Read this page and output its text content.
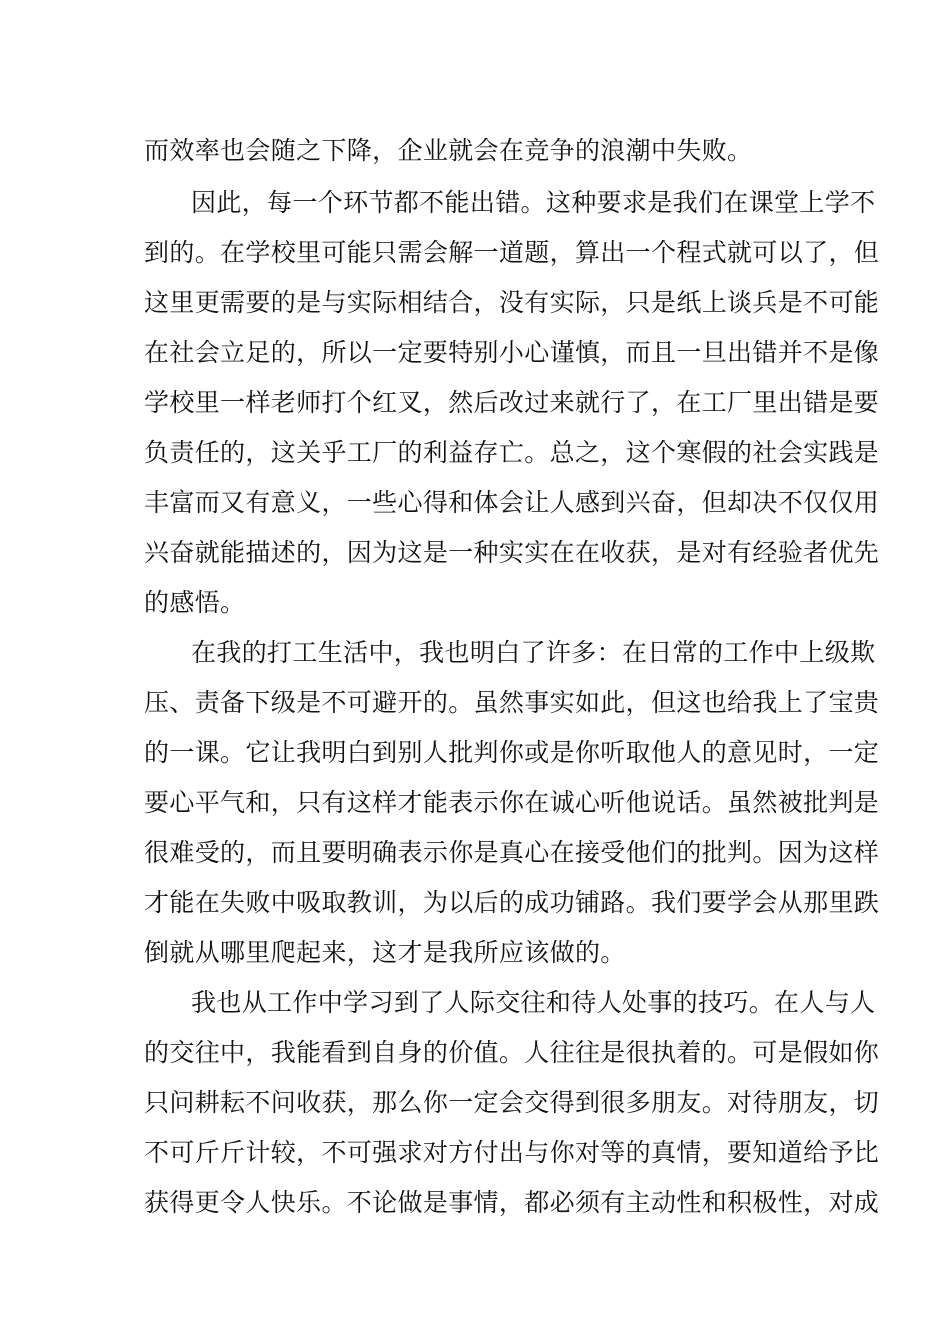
而效率也会随之下降，企业就会在竞争的浪潮中失败。
因此，每一个环节都不能出错。这种要求是我们在课堂上学不
到的。在学校里可能只需会解一道题，算出一个程式就可以了，但
这里更需要的是与实际相结合，没有实际，只是纸上谈兵是不可能
在社会立足的，所以一定要特别小心谨慎，而且一旦出错并不是像
学校里一样老师打个红叉，然后改过来就行了，在工厂里出错是要
负责任的，这关乎工厂的利益存亡。总之，这个寒假的社会实践是
丰富而又有意义，一些心得和体会让人感到兴奋，但却决不仅仅用
兴奋就能描述的，因为这是一种实实在在收获，是对有经验者优先
的感悟。
在我的打工生活中，我也明白了许多：在日常的工作中上级欺
压、责备下级是不可避开的。虽然事实如此，但这也给我上了宝贵
的一课。它让我明白到别人批判你或是你听取他人的意见时，一定
要心平气和，只有这样才能表示你在诚心听他说话。虽然被批判是
很难受的，而且要明确表示你是真心在接受他们的批判。因为这样
才能在失败中吸取教训，为以后的成功铺路。我们要学会从那里跌
倒就从哪里爬起来，这才是我所应该做的。
我也从工作中学习到了人际交往和待人处事的技巧。在人与人
的交往中，我能看到自身的价值。人往往是很执着的。可是假如你
只问耕耘不问收获，那么你一定会交得到很多朋友。对待朋友，切
不可斤斤计较，不可强求对方付出与你对等的真情，要知道给予比
获得更令人快乐。不论做是事情，都必须有主动性和积极性，对成
